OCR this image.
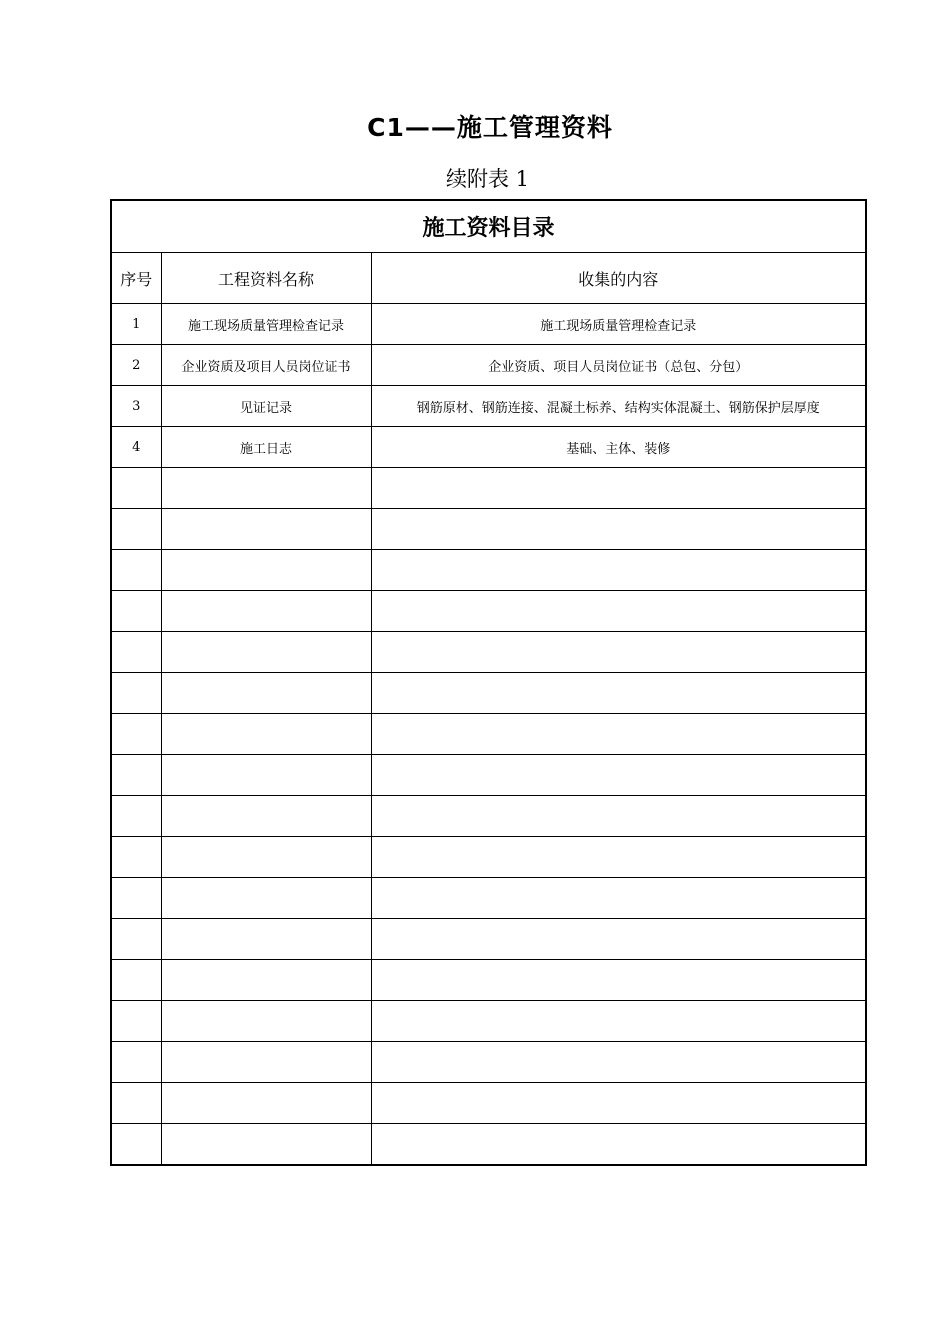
C1——施工管理资料
续附表 1
施工资料目录		
序号	工程资料名称	收集的内容
1	施工现场质量管理检查记录	施工现场质量管理检查记录
2	企业资质及项目人员岗位证书	企业资质、项目人员岗位证书（总包、分包）
3	见证记录	钢筋原材、钢筋连接、混凝土标养、结构实体混凝土、钢筋保护层厚度
4	施工日志	基础、主体、装修
